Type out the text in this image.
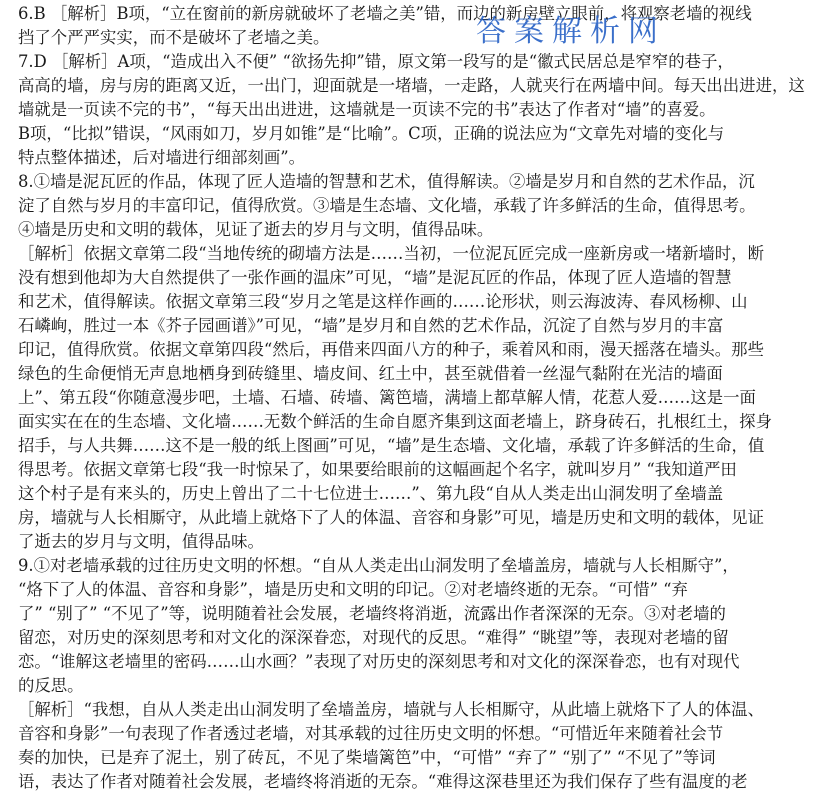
6.B ［解析］B项，“立在窗前的新房就破坏了老墙之美”错，而边的新房壁立眼前，将观察老墙的视线
挡了个严严实实，而不是破坏了老墙之美。
7.D ［解析］A项，“造成出入不便” “欲扬先抑”错，原文第一段写的是“徽式民居总是窄窄的巷子，
高高的墙，房与房的距离又近，一出门，迎面就是一堵墙，一走路，人就夹行在两墙中间。每天出出进进，这
墙就是一页读不完的书”，“每天出出进进，这墙就是一页读不完的书”表达了作者对“墙”的喜爱。
B项，“比拟”错误，“风雨如刀，岁月如锥”是“比喻”。C项，正确的说法应为“文章先对墙的变化与
特点整体描述，后对墙进行细部刻画”。
8.①墙是泥瓦匠的作品，体现了匠人造墙的智慧和艺术，值得解读。②墙是岁月和自然的艺术作品，沉
淀了自然与岁月的丰富印记，值得欣赏。③墙是生态墙、文化墙，承载了许多鲜活的生命，值得思考。
④墙是历史和文明的载体，见证了逝去的岁月与文明，值得品味。
［解析］依据文章第二段“当地传统的砌墙方法是……当初，一位泥瓦匠完成一座新房或一堵新墙时，断
没有想到他却为大自然提供了一张作画的温床”可见，“墙”是泥瓦匠的作品，体现了匠人造墙的智慧
和艺术，值得解读。依据文章第三段“岁月之笔是这样作画的……论形状，则云海波涛、春风杨柳、山
石嶙峋，胜过一本《芥子园画谱》”可见，“墙”是岁月和自然的艺术作品，沉淀了自然与岁月的丰富
印记，值得欣赏。依据文章第四段“然后，再借来四面八方的种子，乘着风和雨，漫天摇落在墙头。那些
绿色的生命便悄无声息地栖身到砖缝里、墙皮间、红土中，甚至就借着一丝湿气黏附在光洁的墙面
上”、第五段“你随意漫步吧，土墙、石墙、砖墙、篱笆墙，满墙上都草解人情，花惹人爱……这是一面
面实实在在的生态墙、文化墙……无数个鲜活的生命自愿齐集到这面老墙上，跻身砖石，扎根红土，探身
招手，与人共舞……这不是一般的纸上图画”可见，“墙”是生态墙、文化墙，承载了许多鲜活的生命，值
得思考。依据文章第七段“我一时惊呆了，如果要给眼前的这幅画起个名字，就叫岁月” “我知道严田
这个村子是有来头的，历史上曾出了二十七位进士……”、第九段“自从人类走出山洞发明了垒墙盖
房，墙就与人长相厮守，从此墙上就烙下了人的体温、音容和身影”可见，墙是历史和文明的载体，见证
了逝去的岁月与文明，值得品味。
9.①对老墙承载的过往历史文明的怀想。“自从人类走出山洞发明了垒墙盖房，墙就与人长相厮守”，
“烙下了人的体温、音容和身影”，墙是历史和文明的印记。②对老墙终逝的无奈。“可惜” “弃
了” “别了” “不见了”等，说明随着社会发展，老墙终将消逝，流露出作者深深的无奈。③对老墙的
留恋，对历史的深刻思考和对文化的深深眷恋，对现代的反思。“难得” “眺望”等，表现对老墙的留
恋。“谁解这老墙里的密码……山水画？”表现了对历史的深刻思考和对文化的深深眷恋，也有对现代
的反思。
［解析］“我想，自从人类走出山洞发明了垒墙盖房，墙就与人长相厮守，从此墙上就烙下了人的体温、
音容和身影”一句表现了作者透过老墙，对其承载的过往历史文明的怀想。“可惜近年来随着社会节
奏的加快，已是弃了泥土，别了砖瓦，不见了柴墙篱笆”中，“可惜” “弃了” “别了” “不见了”等词
语，表达了作者对随着社会发展，老墙终将消逝的无奈。“难得这深巷里还为我们保存了些有温度的老
答案解析网
